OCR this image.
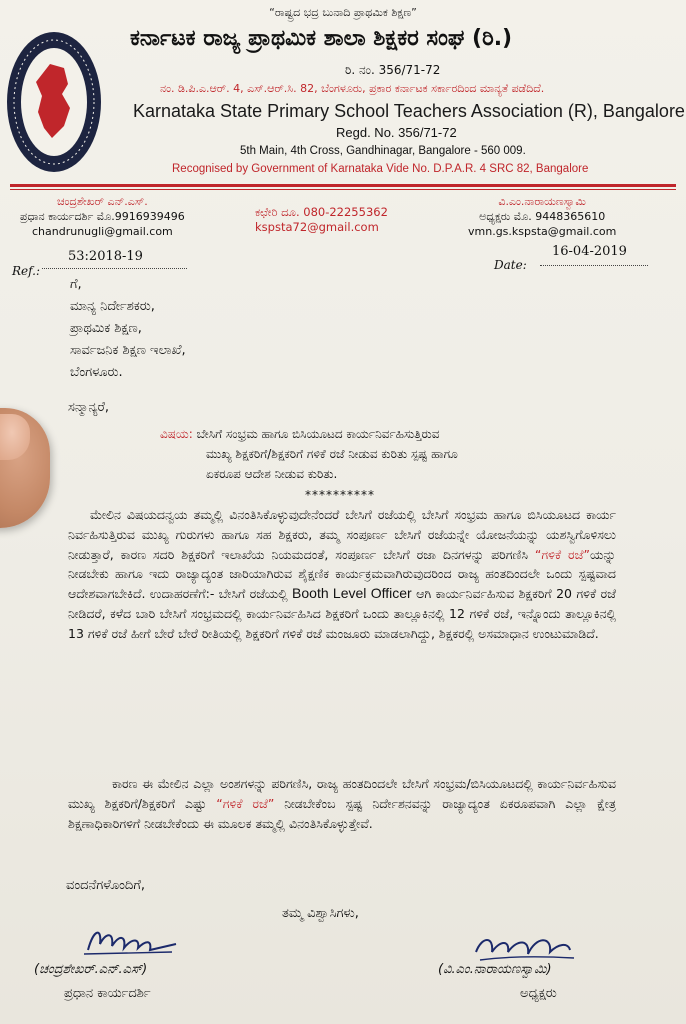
“ರಾಷ್ಟ್ರದ ಭದ್ರ ಬುನಾದಿ ಪ್ರಾಥಮಿಕ ಶಿಕ್ಷಣ”
ಕರ್ನಾಟಕ ರಾಜ್ಯ ಪ್ರಾಥಮಿಕ ಶಾಲಾ ಶಿಕ್ಷಕರ ಸಂಘ (ರಿ.)
ರಿ. ನಂ. 356/71-72
ನಂ. ಡಿ.ಪಿ.ಎ.ಆರ್. 4, ಎಸ್.ಆರ್.ಸಿ. 82, ಬೆಂಗಳೂರು, ಪ್ರಕಾರ ಕರ್ನಾಟಕ ಸರ್ಕಾರದಿಂದ ಮಾನ್ಯತೆ ಪಡೆದಿದೆ.
Karnataka State Primary School Teachers Association (R), Bangalore
Regd. No. 356/71-72
5th Main, 4th Cross, Gandhinagar, Bangalore - 560 009.
Recognised by Government of Karnataka Vide No. D.P.A.R. 4 SRC 82, Bangalore
ಚಂದ್ರಶೇಖರ್ ಎನ್.ಎಸ್.
ಪ್ರಧಾನ ಕಾರ್ಯದರ್ಶಿ ಮೊ.9916939496
chandrunugli@gmail.com
ಕಛೇರಿ ದೂ. 080-22255362
kspsta72@gmail.com
ವಿ.ಎಂ.ನಾರಾಯಣಸ್ವಾಮಿ
ಅಧ್ಯಕ್ಷರು ಮೊ. 9448365610
vmn.gs.kspsta@gmail.com
Ref.:
53:2018-19
Date:
16-04-2019
ಗೆ,
ಮಾನ್ಯ ನಿರ್ದೇಶಕರು,
ಪ್ರಾಥಮಿಕ ಶಿಕ್ಷಣ,
ಸಾರ್ವಜನಿಕ ಶಿಕ್ಷಣ ಇಲಾಖೆ,
ಬೆಂಗಳೂರು.
ಸನ್ಮಾನ್ಯರೆ,
ವಿಷಯ: ಬೇಸಿಗೆ ಸಂಭ್ರಮ ಹಾಗೂ ಬಿಸಿಯೂಟದ ಕಾರ್ಯನಿರ್ವಹಿಸುತ್ತಿರುವ
ಮುಖ್ಯ ಶಿಕ್ಷಕರಿಗೆ/ಶಿಕ್ಷಕರಿಗೆ ಗಳಿಕೆ ರಜೆ ನೀಡುವ ಕುರಿತು ಸ್ಪಷ್ಟ ಹಾಗೂ
ಏಕರೂಪ ಆದೇಶ ನೀಡುವ ಕುರಿತು.
**********
ಮೇಲಿನ ವಿಷಯದನ್ವಯ ತಮ್ಮಲ್ಲಿ ವಿನಂತಿಸಿಕೊಳ್ಳುವುದೇನೆಂದರೆ ಬೇಸಿಗೆ ರಜೆಯಲ್ಲಿ ಬೇಸಿಗೆ ಸಂಭ್ರಮ ಹಾಗೂ ಬಿಸಿಯೂಟದ ಕಾರ್ಯ ನಿರ್ವಹಿಸುತ್ತಿರುವ ಮುಖ್ಯ ಗುರುಗಳು ಹಾಗೂ ಸಹ ಶಿಕ್ಷಕರು, ತಮ್ಮ ಸಂಪೂರ್ಣ ಬೇಸಿಗೆ ರಜೆಯನ್ನೇ ಯೋಜನೆಯನ್ನು ಯಶಸ್ವಿಗೊಳಿಸಲು ನೀಡುತ್ತಾರೆ, ಕಾರಣ ಸದರಿ ಶಿಕ್ಷಕರಿಗೆ ಇಲಾಖೆಯ ನಿಯಮದಂತೆ, ಸಂಪೂರ್ಣ ಬೇಸಿಗೆ ರಜಾ ದಿನಗಳನ್ನು ಪರಿಗಣಿಸಿ “ಗಳಿಕೆ ರಜೆ”ಯನ್ನು ನೀಡಬೇಕು ಹಾಗೂ ಇದು ರಾಜ್ಯಾದ್ಯಂತ ಜಾರಿಯಾಗಿರುವ ಶೈಕ್ಷಣಿಕ ಕಾರ್ಯಕ್ರಮವಾಗಿರುವುದರಿಂದ ರಾಜ್ಯ ಹಂತದಿಂದಲೇ ಒಂದು ಸ್ಪಷ್ಟವಾದ ಆದೇಶವಾಗಬೇಕಿದೆ. ಉದಾಹರಣೆಗೆ:- ಬೇಸಿಗೆ ರಜೆಯಲ್ಲಿ Booth Level Officer ಆಗಿ ಕಾರ್ಯನಿರ್ವಹಿಸುವ ಶಿಕ್ಷಕರಿಗೆ 20 ಗಳಿಕೆ ರಜೆ ನೀಡಿದರೆ, ಕಳೆದ ಬಾರಿ ಬೇಸಿಗೆ ಸಂಭ್ರಮದಲ್ಲಿ ಕಾರ್ಯನಿರ್ವಹಿಸಿದ ಶಿಕ್ಷಕರಿಗೆ ಒಂದು ತಾಲ್ಲೂಕಿನಲ್ಲಿ 12 ಗಳಿಕೆ ರಜೆ, ಇನ್ನೊಂದು ತಾಲ್ಲೂಕಿನಲ್ಲಿ 13 ಗಳಿಕೆ ರಜೆ ಹೀಗೆ ಬೇರೆ ಬೇರೆ ರೀತಿಯಲ್ಲಿ ಶಿಕ್ಷಕರಿಗೆ ಗಳಿಕೆ ರಜೆ ಮಂಜೂರು ಮಾಡಲಾಗಿದ್ದು, ಶಿಕ್ಷಕರಲ್ಲಿ ಅಸಮಾಧಾನ ಉಂಟುಮಾಡಿದೆ.
ಕಾರಣ ಈ ಮೇಲಿನ ಎಲ್ಲಾ ಅಂಶಗಳನ್ನು ಪರಿಗಣಿಸಿ, ರಾಜ್ಯ ಹಂತದಿಂದಲೇ ಬೇಸಿಗೆ ಸಂಭ್ರಮ/ಬಿಸಿಯೂಟದಲ್ಲಿ ಕಾರ್ಯನಿರ್ವಹಿಸುವ ಮುಖ್ಯ ಶಿಕ್ಷಕರಿಗೆ/ಶಿಕ್ಷಕರಿಗೆ ಎಷ್ಟು “ಗಳಿಕೆ ರಜೆ” ನೀಡಬೇಕೆಂಬ ಸ್ಪಷ್ಟ ನಿರ್ದೇಶನವನ್ನು ರಾಜ್ಯಾದ್ಯಂತ ಏಕರೂಪವಾಗಿ ಎಲ್ಲಾ ಕ್ಷೇತ್ರ ಶಿಕ್ಷಣಾಧಿಕಾರಿಗಳಿಗೆ ನೀಡಬೇಕೆಂದು ಈ ಮೂಲಕ ತಮ್ಮಲ್ಲಿ ವಿನಂತಿಸಿಕೊಳ್ಳುತ್ತೇವೆ.
ವಂದನೆಗಳೊಂದಿಗೆ,
ತಮ್ಮ ವಿಶ್ವಾಸಿಗಳು,
(ಚಂದ್ರಶೇಖರ್.ಎನ್.ಎಸ್)
ಪ್ರಧಾನ ಕಾರ್ಯದರ್ಶಿ
(ವಿ.ಎಂ.ನಾರಾಯಣಸ್ವಾಮಿ)
ಅಧ್ಯಕ್ಷರು
